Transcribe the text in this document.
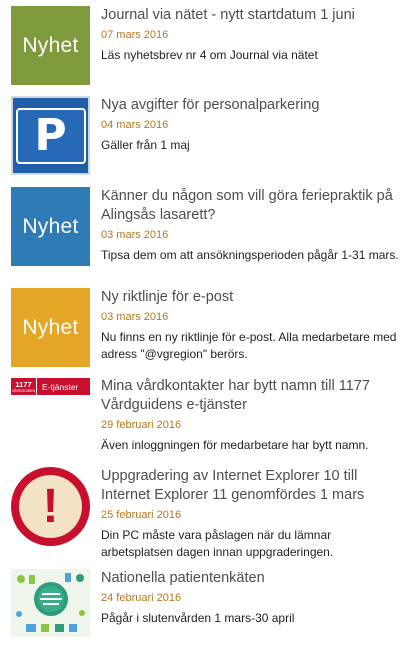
Nyhet
Journal via nätet - nytt startdatum 1 juni
07 mars 2016
Läs nyhetsbrev nr 4 om Journal via nätet
P
Nya avgifter för personalparkering
04 mars 2016
Gäller från 1 maj
Nyhet
Känner du någon som vill göra feriepraktik på Alingsås lasarett?
03 mars 2016
Tipsa dem om att ansökningsperioden pågår 1-31 mars.
Nyhet
Ny riktlinje för e-post
03 mars 2016
Nu finns en ny riktlinje för e-post. Alla medarbetare med adress "@vgregion" berörs.
1177
VÅRDGUIDEN E-tjänster Mina vårdkontakter har bytt namn till 1177 Vårdguidens e-tjänster
29 februari 2016
Även inloggningen för medarbetare har bytt namn.
!
Uppgradering av Internet Explorer 10 till Internet Explorer 11 genomfördes 1 mars
25 februari 2016
Din PC måste vara påslagen när du lämnar arbetsplatsen dagen innan uppgraderingen.
Nationella patientenkäten
24 februari 2016
Pågår i slutenvården 1 mars-30 april
